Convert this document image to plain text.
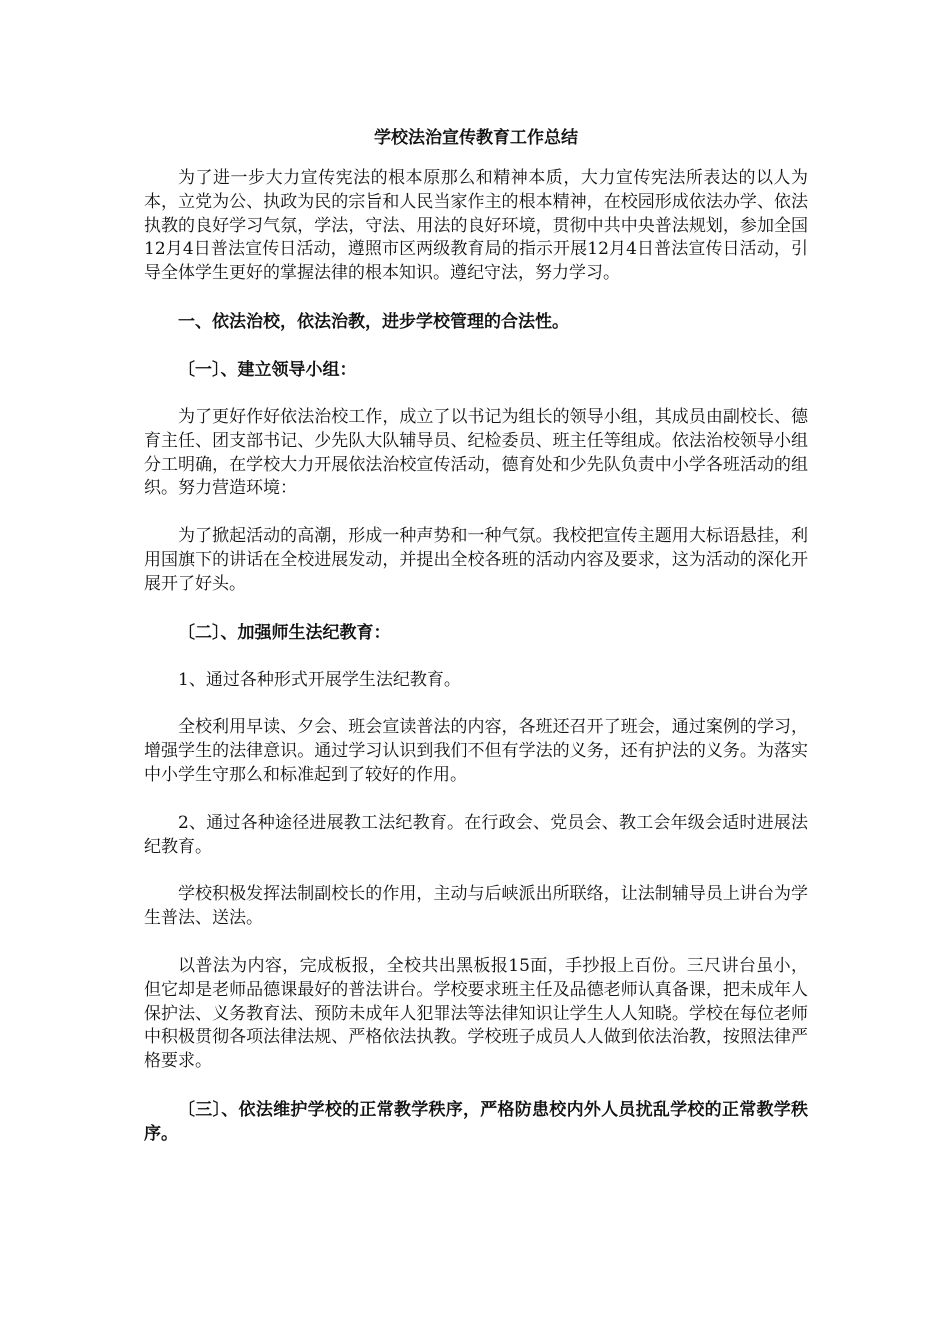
学校法治宣传教育工作总结

为了进一步大力宣传宪法的根本原那么和精神本质，大力宣传宪法所表达的以人为本，立党为公、执政为民的宗旨和人民当家作主的根本精神，在校园形成依法办学、依法执教的良好学习气氛，学法，守法、用法的良好环境，贯彻中共中央普法规划，参加全国12月4日普法宣传日活动，遵照市区两级教育局的指示开展12月4日普法宣传日活动，引导全体学生更好的掌握法律的根本知识。遵纪守法，努力学习。

一、依法治校，依法治教，进步学校管理的合法性。
〔一〕、建立领导小组：

为了更好作好依法治校工作，成立了以书记为组长的领导小组，其成员由副校长、德育主任、团支部书记、少先队大队辅导员、纪检委员、班主任等组成。依法治校领导小组分工明确，在学校大力开展依法治校宣传活动，德育处和少先队负责中小学各班活动的组织。努力营造环境：

为了掀起活动的高潮，形成一种声势和一种气氛。我校把宣传主题用大标语悬挂，利用国旗下的讲话在全校进展发动，并提出全校各班的活动内容及要求，这为活动的深化开展开了好头。

〔二〕、加强师生法纪教育：

1、通过各种形式开展学生法纪教育。

全校利用早读、夕会、班会宣读普法的内容，各班还召开了班会，通过案例的学习，增强学生的法律意识。通过学习认识到我们不但有学法的义务，还有护法的义务。为落实中小学生守那么和标准起到了较好的作用。

2、通过各种途径进展教工法纪教育。在行政会、党员会、教工会年级会适时进展法纪教育。

学校积极发挥法制副校长的作用，主动与后峡派出所联络，让法制辅导员上讲台为学生普法、送法。

以普法为内容，完成板报，全校共出黑板报15面，手抄报上百份。三尺讲台虽小，但它却是老师品德课最好的普法讲台。学校要求班主任及品德老师认真备课，把未成年人保护法、义务教育法、预防未成年人犯罪法等法律知识让学生人人知晓。学校在每位老师中积极贯彻各项法律法规、严格依法执教。学校班子成员人人做到依法治教，按照法律严格要求。

〔三〕、依法维护学校的正常教学秩序，严格防患校内外人员扰乱学校的正常教学秩序。
